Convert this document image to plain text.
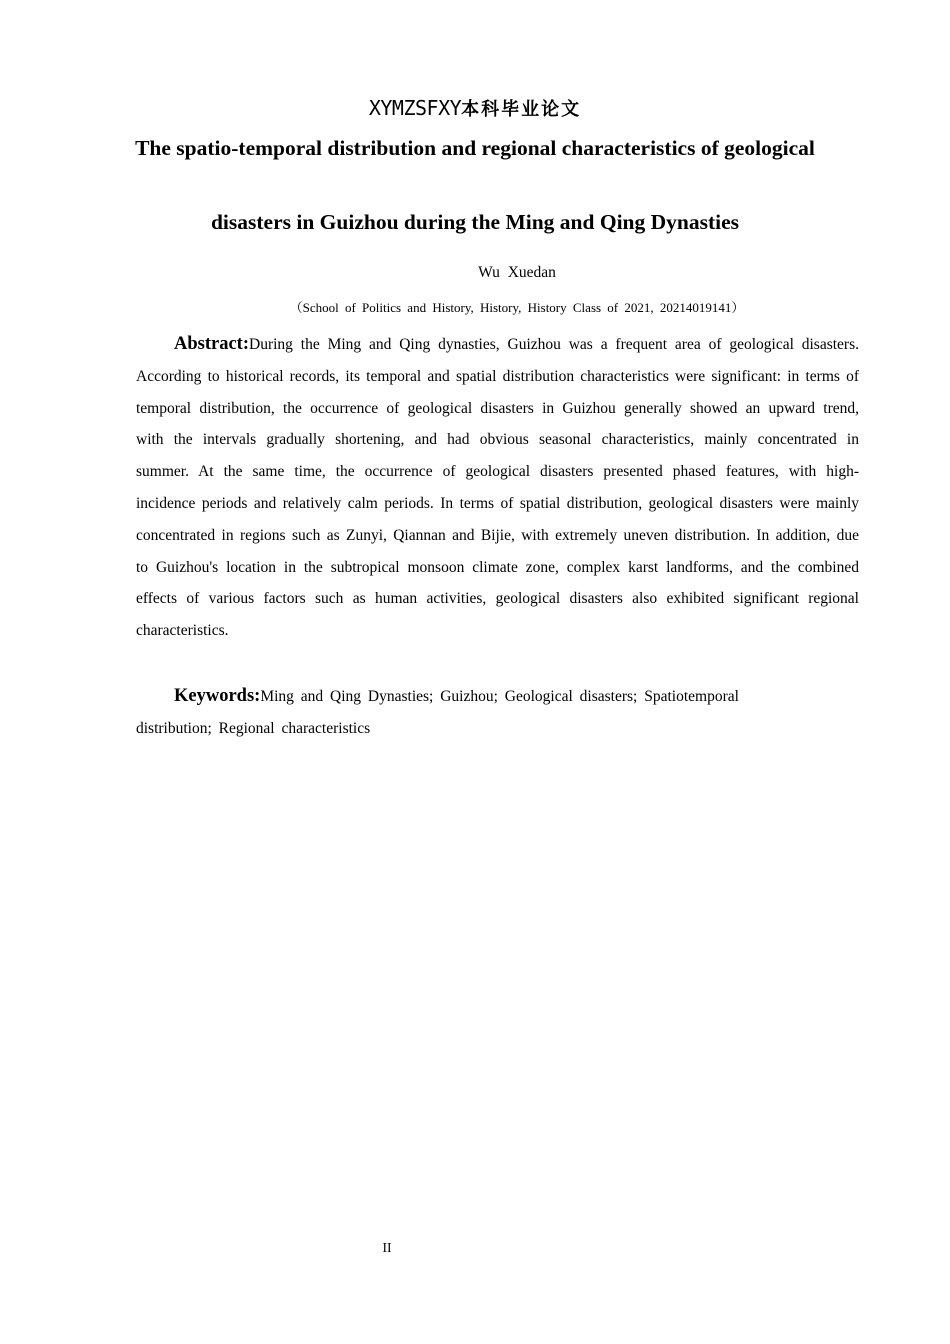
XYMZSFXY本科毕业论文
The spatio-temporal distribution and regional characteristics of geological
disasters in Guizhou during the Ming and Qing Dynasties
Wu Xuedan
（School of Politics and History, History, History Class of 2021, 20214019141）

Abstract:During the Ming and Qing dynasties, Guizhou was a frequent area of geological disasters. According to historical records, its temporal and spatial distribution characteristics were significant: in terms of temporal distribution, the occurrence of geological disasters in Guizhou generally showed an upward trend, with the intervals gradually shortening, and had obvious seasonal characteristics, mainly concentrated in summer. At the same time, the occurrence of geological disasters presented phased features, with high-incidence periods and relatively calm periods. In terms of spatial distribution, geological disasters were mainly concentrated in regions such as Zunyi, Qiannan and Bijie, with extremely uneven distribution. In addition, due to Guizhou's location in the subtropical monsoon climate zone, complex karst landforms, and the combined effects of various factors such as human activities, geological disasters also exhibited significant regional characteristics.

Keywords:Ming and Qing Dynasties; Guizhou; Geological disasters; Spatiotemporal distribution; Regional characteristics

II
